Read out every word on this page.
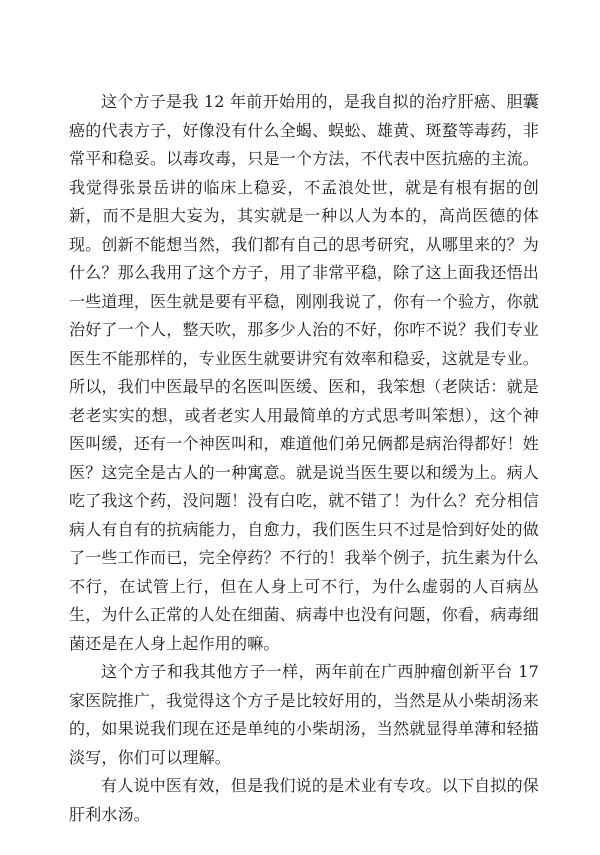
这个方子是我 12 年前开始用的，是我自拟的治疗肝癌、胆囊癌的代表方子，好像没有什么全蝎、蜈蚣、雄黄、斑蝥等毒药，非常平和稳妥。以毒攻毒，只是一个方法，不代表中医抗癌的主流。我觉得张景岳讲的临床上稳妥，不孟浪处世，就是有根有据的创新，而不是胆大妄为，其实就是一种以人为本的，高尚医德的体现。创新不能想当然，我们都有自己的思考研究，从哪里来的？为什么？那么我用了这个方子，用了非常平稳，除了这上面我还悟出一些道理，医生就是要有平稳，刚刚我说了，你有一个验方，你就治好了一个人，整天吹，那多少人治的不好，你咋不说？我们专业医生不能那样的，专业医生就要讲究有效率和稳妥，这就是专业。所以，我们中医最早的名医叫医缓、医和，我笨想（老陕话：就是老老实实的想，或者老实人用最简单的方式思考叫笨想），这个神医叫缓，还有一个神医叫和，难道他们弟兄俩都是病治得都好！姓医？这完全是古人的一种寓意。就是说当医生要以和缓为上。病人吃了我这个药，没问题！没有白吃，就不错了！为什么？充分相信病人有自有的抗病能力，自愈力，我们医生只不过是恰到好处的做了一些工作而已，完全停药？不行的！我举个例子，抗生素为什么不行，在试管上行，但在人身上可不行，为什么虚弱的人百病丛生，为什么正常的人处在细菌、病毒中也没有问题，你看，病毒细菌还是在人身上起作用的嘛。

这个方子和我其他方子一样，两年前在广西肿瘤创新平台 17 家医院推广，我觉得这个方子是比较好用的，当然是从小柴胡汤来的，如果说我们现在还是单纯的小柴胡汤，当然就显得单薄和轻描淡写，你们可以理解。

有人说中医有效，但是我们说的是术业有专攻。以下自拟的保肝利水汤。
